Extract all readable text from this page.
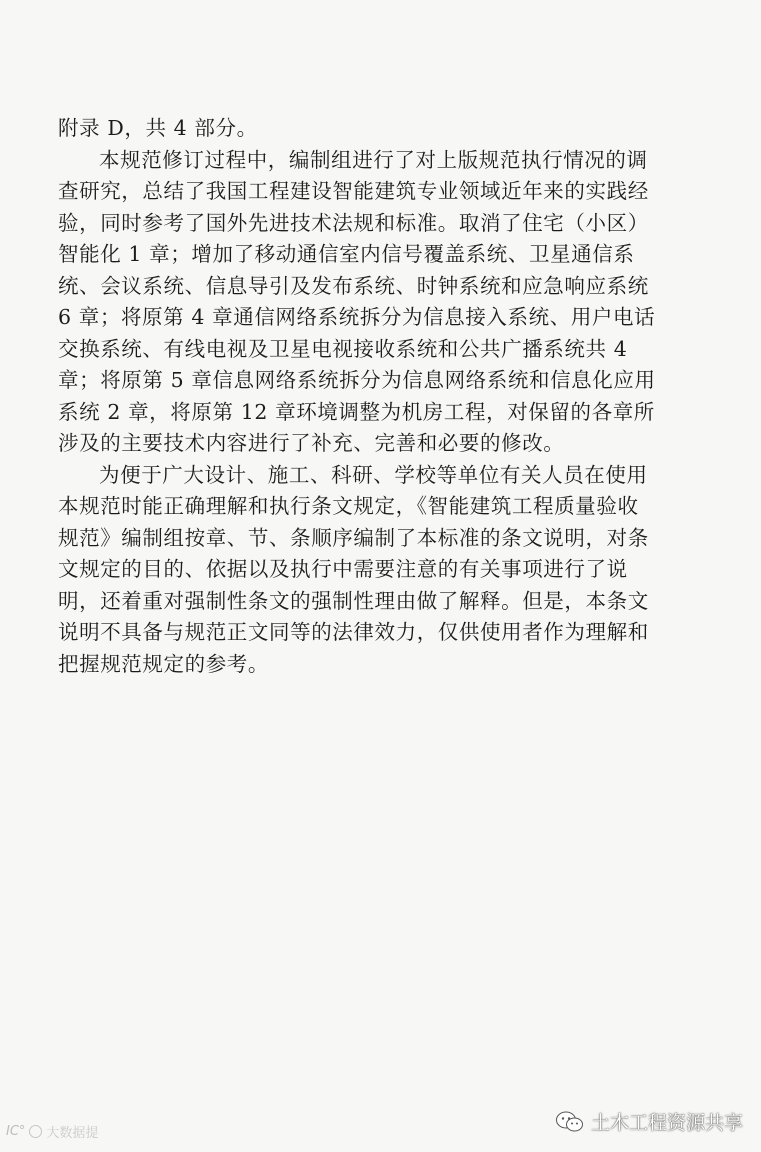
附录 D，共 4 部分。
本规范修订过程中，编制组进行了对上版规范执行情况的调
查研究，总结了我国工程建设智能建筑专业领域近年来的实践经
验，同时参考了国外先进技术法规和标准。取消了住宅（小区）
智能化 1 章；增加了移动通信室内信号覆盖系统、卫星通信系
统、会议系统、信息导引及发布系统、时钟系统和应急响应系统
6 章；将原第 4 章通信网络系统拆分为信息接入系统、用户电话
交换系统、有线电视及卫星电视接收系统和公共广播系统共 4
章；将原第 5 章信息网络系统拆分为信息网络系统和信息化应用
系统 2 章，将原第 12 章环境调整为机房工程，对保留的各章所
涉及的主要技术内容进行了补充、完善和必要的修改。
为便于广大设计、施工、科研、学校等单位有关人员在使用
本规范时能正确理解和执行条文规定，《智能建筑工程质量验收
规范》编制组按章、节、条顺序编制了本标准的条文说明，对条
文规定的目的、依据以及执行中需要注意的有关事项进行了说
明，还着重对强制性条文的强制性理由做了解释。但是，本条文
说明不具备与规范正文同等的法律效力，仅供使用者作为理解和
把握规范规定的参考。
IC° 大数据提	土木工程资源共享
